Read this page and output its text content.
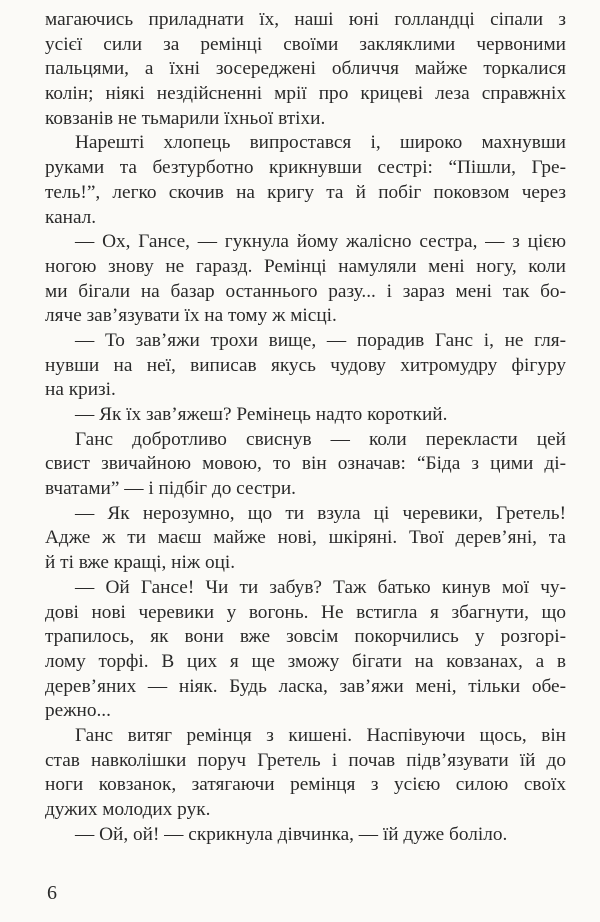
магаючись приладнати їх, наші юні голландці сіпали з
усієї сили за ремінці своїми закляклими червоними
пальцями, а їхні зосереджені обличчя майже торкалися
колін; ніякі нездійсненні мрії про крицеві леза справжніх
ковзанів не тьмарили їхньої втіхи.
Нарешті хлопець випростався і, широко махнувши
руками та безтурботно крикнувши сестрі: “Пішли, Гре-
тель!”, легко скочив на кригу та й побіг поковзом через
канал.
— Ох, Гансе, — гукнула йому жалісно сестра, — з цією
ногою знову не гаразд. Ремінці намуляли мені ногу, коли
ми бігали на базар останнього разу... і зараз мені так бо-
ляче зав’язувати їх на тому ж місці.
— То зав’яжи трохи вище, — порадив Ганс і, не гля-
нувши на неї, виписав якусь чудову хитромудру фігуру
на кризі.
— Як їх зав’яжеш? Ремінець надто короткий.
Ганс добротливо свиснув — коли перекласти цей
свист звичайною мовою, то він означав: “Біда з цими ді-
вчатами” — і підбіг до сестри.
— Як нерозумно, що ти взула ці черевики, Гретель!
Адже ж ти маєш майже нові, шкіряні. Твої дерев’яні, та
й ті вже кращі, ніж оці.
— Ой Гансе! Чи ти забув? Таж батько кинув мої чу-
дові нові черевики у вогонь. Не встигла я збагнути, що
трапилось, як вони вже зовсім покорчились у розгорі-
лому торфі. В цих я ще зможу бігати на ковзанах, а в
дерев’яних — ніяк. Будь ласка, зав’яжи мені, тільки обе-
режно...
Ганс витяг ремінця з кишені. Наспівуючи щось, він
став навколішки поруч Гретель і почав підв’язувати їй до
ноги ковзанок, затягаючи ремінця з усією силою своїх
дужих молодих рук.
— Ой, ой! — скрикнула дівчинка, — їй дуже боліло.
6
